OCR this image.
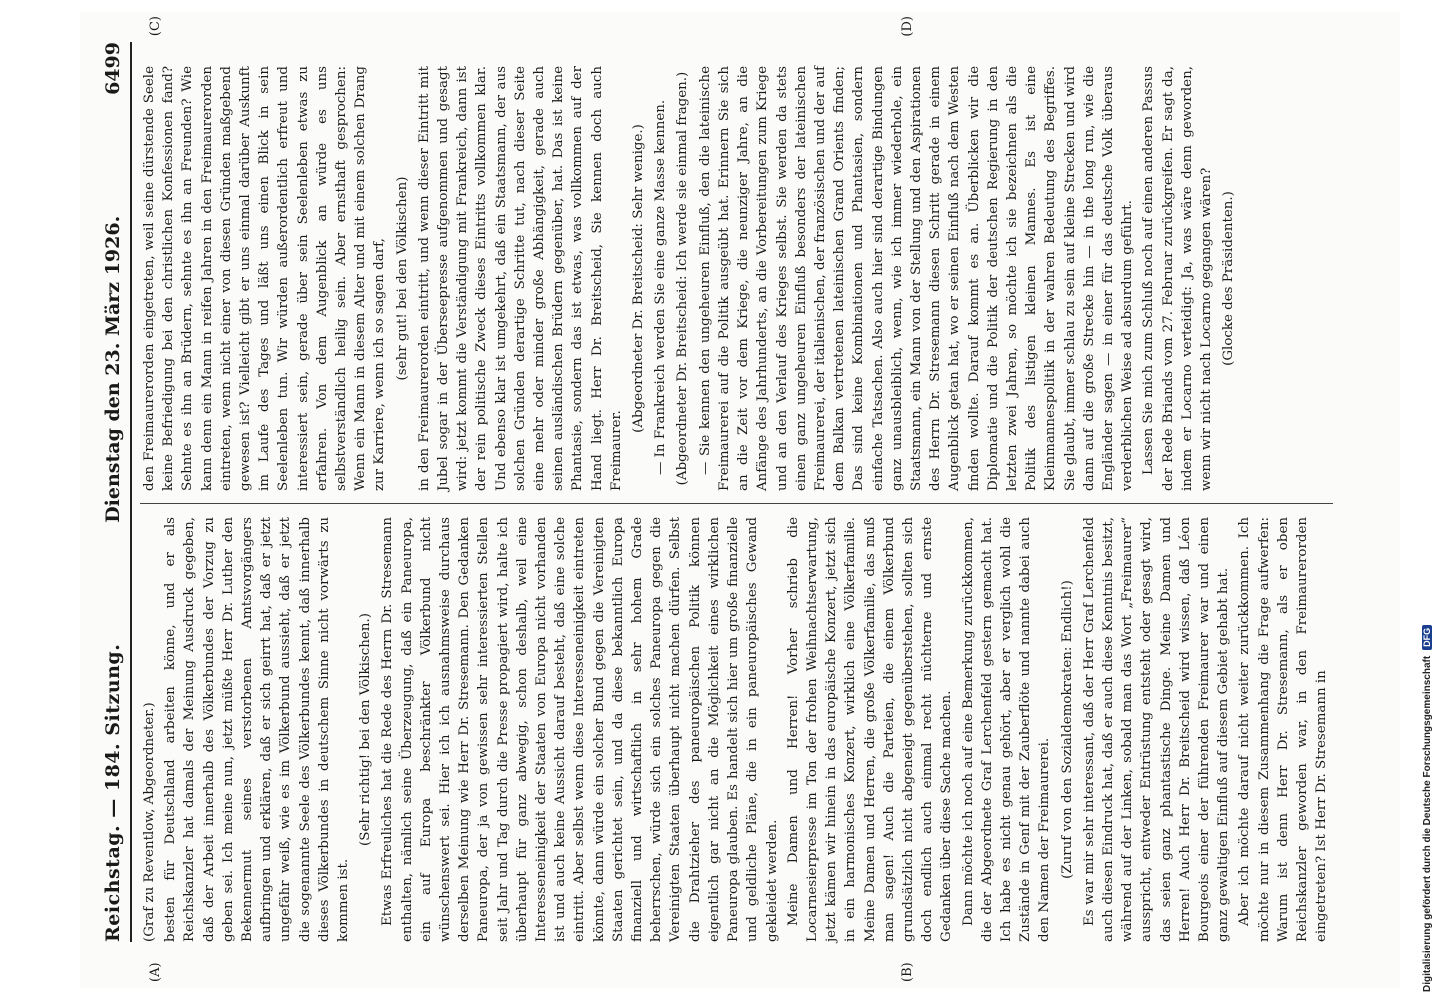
Reichstag. — 184. Sitzung.
Dienstag den 23. März 1926.
6499
(A)	(B)
(C)	(D)

(Graf zu Reventlow, Abgeordneter.) besten für Deutschland arbeiten könne, und er als Reichskanzler hat damals der Meinung Ausdruck gegeben, daß der Arbeit innerhalb des Völkerbundes der Vorzug zu geben sei. Ich meine nun, jetzt müßte Herr Dr. Luther den Bekennermut seines verstorbenen Amtsvorgängers aufbringen und erklären, daß er sich geirrt hat, daß er jetzt ungefähr weiß, wie es im Völkerbund aussieht, daß er jetzt die sogenannte Seele des Völkerbundes kennt, daß innerhalb dieses Völkerbundes in deutschem Sinne nicht vorwärts zu kommen ist.

(Sehr richtig! bei den Völkischen.) Etwas Erfreuliches hat die Rede des Herrn Dr. Stresemann enthalten, nämlich seine Überzeugung, daß ein Paneuropa, ein auf Europa beschränkter Völkerbund nicht wünschenswert sei. Hier ich ich ausnahmsweise durchaus derselben Meinung wie Herr Dr. Stresemann. Den Gedanken Paneuropa, der ja von gewissen sehr interessierten Stellen seit Jahr und Tag durch die Presse propagiert wird, halte ich überhaupt für ganz abwegig, schon deshalb, weil eine Interesseneinigkeit der Staaten von Europa nicht vorhanden ist und auch keine Aussicht darauf besteht, daß eine solche eintritt. Aber selbst wenn diese Interesseneinigkeit eintreten könnte, dann würde ein solcher Bund gegen die Vereinigten Staaten gerichtet sein, und da diese bekanntlich Europa finanziell und wirtschaftlich in sehr hohem Grade beherrschen, würde sich ein solches Paneuropa gegen die Vereinigten Staaten überhaupt nicht machen dürfen. Selbst die Drahtzieher des paneuropäischen Politik können eigentlich gar nicht an die Möglichkeit eines wirklichen Paneuropa glauben. Es handelt sich hier um große finanzielle und geldliche Pläne, die in ein paneuropäisches Gewand gekleidet werden. Meine Damen und Herren! Vorher schrieb die Locarnesierpresse im Ton der frohen Weihnachtserwartung, jetzt kämen wir hinein in das europäische Konzert, jetzt sich in ein harmonisches Konzert, wirklich eine Völkerfamilie. Meine Damen und Herren, die große Völkerfamilie, das muß man sagen! Auch die Parteien, die einem Völkerbund grundsätzlich nicht abgeneigt gegenüberstehen, sollten sich doch endlich auch einmal recht nüchterne und ernste Gedanken über diese Sache machen. Dann möchte ich noch auf eine Bemerkung zurückkommen, die der Abgeordnete Graf Lerchenfeld gestern gemacht hat. Ich habe es nicht genau gehört, aber er verglich wohl die Zustände in Genf mit der Zauberflöte und nannte dabei auch den Namen der Freimaurerei. (Zuruf von den Sozialdemokraten: Endlich!) Es war mir sehr interessant, daß der Herr Graf Lerchenfeld auch diesen Eindruck hat, daß er auch diese Kenntnis besitzt, während auf der Linken, sobald man das Wort „Freimaurer“ ausspricht, entweder Entrüstung entsteht oder gesagt wird, das seien ganz phantastische Dinge. Meine Damen und Herren! Auch Herr Dr. Breitscheid wird wissen, daß Léon Bourgeois einer der führenden Freimaurer war und einen ganz gewaltigen Einfluß auf diesem Gebiet gehabt hat. Aber ich möchte darauf nicht weiter zurückkommen. Ich möchte nur in diesem Zusammenhang die Frage aufwerfen: Warum ist denn Herr Dr. Stresemann, als er oben Reichskanzler geworden war, in den Freimaurerorden eingetreten? Ist Herr Dr. Stresemann in

den Freimaurerorden eingetreten, weil seine dürstende Seele keine Befriedigung bei den christlichen Konfessionen fand? Sehnte es ihn an Brüdern, sehnte es ihn an Freunden? Wie kann denn ein Mann in reifen Jahren in den Freimaurerorden eintreten, wenn nicht einer von diesen Gründen maßgebend gewesen ist? Vielleicht gibt er uns einmal darüber Auskunft im Laufe des Tages und läßt uns einen Blick in sein Seelenleben tun. Wir würden außerordentlich erfreut und interessiert sein, gerade über sein Seelenleben etwas zu erfahren. Von dem Augenblick an würde es uns selbstverständlich heilig sein. Aber ernsthaft gesprochen: Wenn ein Mann in diesem Alter und mit einem solchen Drang zur Karriere, wenn ich so sagen darf, (sehr gut! bei den Völkischen) in den Freimaurerorden eintritt, und wenn dieser Eintritt mit Jubel sogar in der Überseepresse aufgenommen und gesagt wird: jetzt kommt die Verständigung mit Frankreich, dann ist der rein politische Zweck dieses Eintritts vollkommen klar. Und ebenso klar ist umgekehrt, daß ein Staatsmann, der aus solchen Gründen derartige Schritte tut, nach dieser Seite eine mehr oder minder große Abhängigkeit, gerade auch seinen ausländischen Brüdern gegenüber, hat. Das ist keine Phantasie, sondern das ist etwas, was vollkommen auf der Hand liegt. Herr Dr. Breitscheid, Sie kennen doch auch Freimaurer.

(Abgeordneter Dr. Breitscheid: Sehr wenige.) — In Frankreich werden Sie eine ganze Masse kennen. (Abgeordneter Dr. Breitscheid: Ich werde sie einmal fragen.) — Sie kennen den ungeheuren Einfluß, den die lateinische Freimaurerei auf die Politik ausgeübt hat. Erinnern Sie sich an die Zeit vor dem Kriege, die neunziger Jahre, an die Anfänge des Jahrhunderts, an die Vorbereitungen zum Kriege und an den Verlauf des Krieges selbst. Sie werden da stets einen ganz ungeheuren Einfluß besonders der lateinischen Freimaurerei, der italienischen, der französischen und der auf dem Balkan vertretenen lateinischen Grand Orients finden; Das sind keine Kombinationen und Phantasien, sondern einfache Tatsachen. Also auch hier sind derartige Bindungen ganz unausbleiblich, wenn, wie ich immer wiederhole, ein Staatsmann, ein Mann von der Stellung und den Aspirationen des Herrn Dr. Stresemann diesen Schritt gerade in einem Augenblick getan hat, wo er seinen Einfluß nach dem Westen finden wollte. Darauf kommt es an. Überblicken wir die Diplomatie und die Politik der deutschen Regierung in den letzten zwei Jahren, so möchte ich sie bezeichnen als die Politik des listigen kleinen Mannes. Es ist eine Kleinmannespolitik in der wahren Bedeutung des Begriffes. Sie glaubt, immer schlau zu sein auf kleine Strecken und wird dann auf die große Strecke hin — in the long run, wie die Engländer sagen — in einer für das deutsche Volk überaus verderblichen Weise ad absurdum geführt. Lassen Sie mich zum Schluß noch auf einen anderen Passus der Rede Briands vom 27. Februar zurückgreifen. Er sagt da, indem er Locarno verteidigt: Ja, was wäre denn geworden, wenn wir nicht nach Locarno gegangen wären? (Glocke des Präsidenten.)

Digitalisierung gefördert durch die Deutsche Forschungsgemeinschaft
DFG
